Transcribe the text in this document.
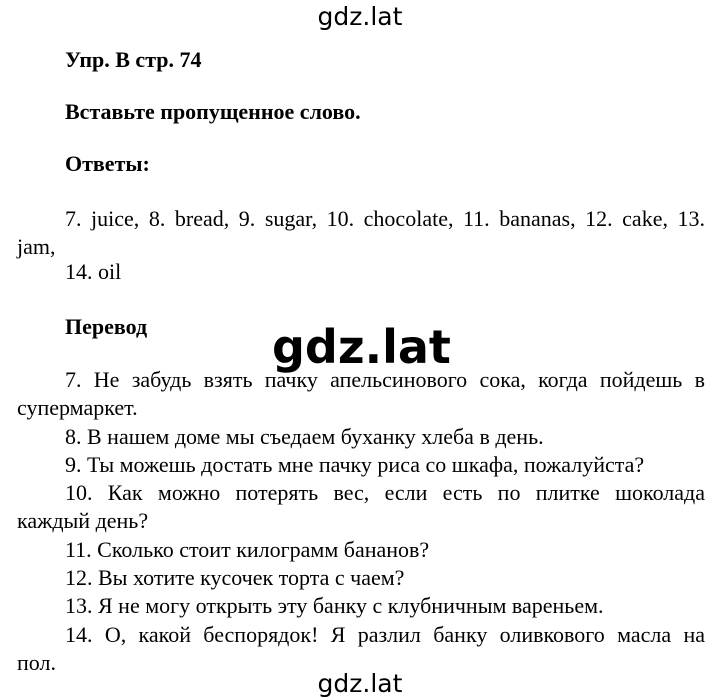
gdz.lat

Упр. B стр. 74

Вставьте пропущенное слово.

Ответы:

7. juice, 8. bread, 9. sugar, 10. chocolate, 11. bananas, 12. cake, 13.

jam,

14. oil

Перевод

7. Не забудь взять пачку апельсинового сока, когда пойдешь в

супермаркет.

8. В нашем доме мы съедаем буханку хлеба в день.

9. Ты можешь достать мне пачку риса со шкафа, пожалуйста?

10. Как можно потерять вес, если есть по плитке шоколада

каждый день?

11. Сколько стоит килограмм бананов?

12. Вы хотите кусочек торта с чаем?

13. Я не могу открыть эту банку с клубничным вареньем.

14. О, какой беспорядок! Я разлил банку оливкового масла на

пол.

gdz.lat
gdz.lat
